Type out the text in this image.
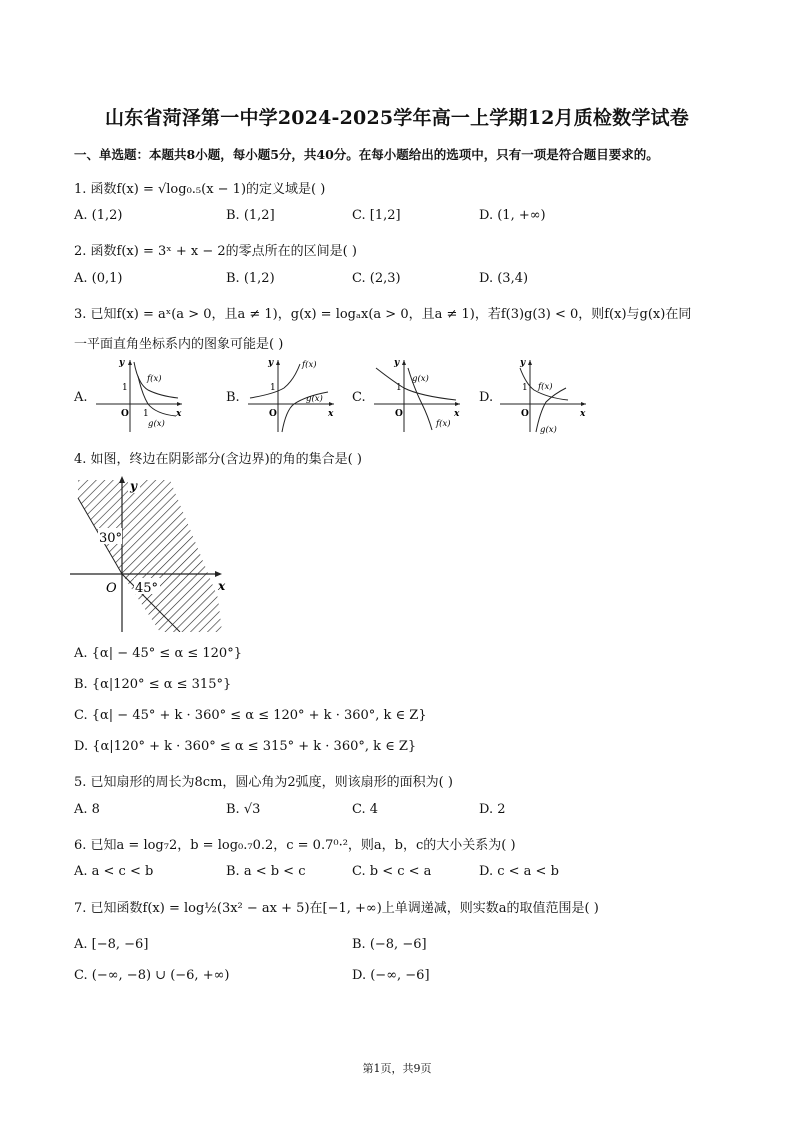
山东省菏泽第一中学2024-2025学年高一上学期12月质检数学试卷
一、单选题：本题共8小题，每小题5分，共40分。在每小题给出的选项中，只有一项是符合题目要求的。
1. 函数f(x) = √log₀.₅(x − 1)的定义域是( )
A. (1,2)	B. (1,2]	C. [1,2]	D. (1, +∞)
2. 函数f(x) = 3ˣ + x − 2的零点所在的区间是( )
A. (0,1)	B. (1,2)	C. (2,3)	D. (3,4)
3. 已知f(x) = aˣ(a > 0，且a ≠ 1)，g(x) = logₐx(a > 0，且a ≠ 1)，若f(3)g(3) < 0，则f(x)与g(x)在同
一平面直角坐标系内的图象可能是( )
A.	B.	C.	D.
y
x
O
1
1
f(x)
g(x)
y
x
O
1
f(x)
g(x)
y
x
O
1
g(x)
f(x)
y
x
O
1 f(x)
g(x)
4. 如图，终边在阴影部分(含边界)的角的集合是( )
y
x
O
30°
45°
A. {α| − 45° ≤ α ≤ 120°}
B. {α|120° ≤ α ≤ 315°}
C. {α| − 45° + k · 360° ≤ α ≤ 120° + k · 360°, k ∈ Z}
D. {α|120° + k · 360° ≤ α ≤ 315° + k · 360°, k ∈ Z}
5. 已知扇形的周长为8cm，圆心角为2弧度，则该扇形的面积为( )
A. 8	B. √3	C. 4	D. 2
6. 已知a = log₇2，b = log₀.₇0.2，c = 0.7⁰·²，则a，b，c的大小关系为( )
A. a < c < b	B. a < b < c	C. b < c < a	D. c < a < b
7. 已知函数f(x) = log½(3x² − ax + 5)在[−1, +∞)上单调递减，则实数a的取值范围是( )
A. [−8, −6]	B. (−8, −6]
C. (−∞, −8) ∪ (−6, +∞)	D. (−∞, −6]
第1页，共9页
